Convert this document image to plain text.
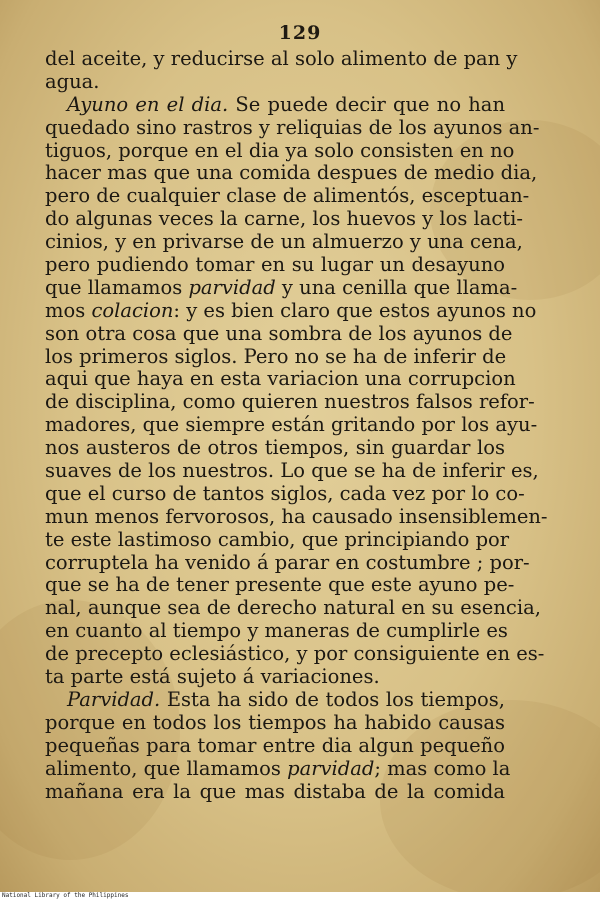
129
del aceite, y reducirse al solo alimento de pan y
agua.
Ayuno en el dia. Se puede decir que no han
quedado sino rastros y reliquias de los ayunos an-
tiguos, porque en el dia ya solo consisten en no
hacer mas que una comida despues de medio dia,
pero de cualquier clase de alimentós, esceptuan-
do algunas veces la carne, los huevos y los lacti-
cinios, y en privarse de un almuerzo y una cena,
pero pudiendo tomar en su lugar un desayuno
que llamamos parvidad y una cenilla que llama-
mos colacion: y es bien claro que estos ayunos no
son otra cosa que una sombra de los ayunos de
los primeros siglos. Pero no se ha de inferir de
aqui que haya en esta variacion una corrupcion
de disciplina, como quieren nuestros falsos refor-
madores, que siempre están gritando por los ayu-
nos austeros de otros tiempos, sin guardar los
suaves de los nuestros. Lo que se ha de inferir es,
que el curso de tantos siglos, cada vez por lo co-
mun menos fervorosos, ha causado insensiblemen-
te este lastimoso cambio, que principiando por
corruptela ha venido á parar en costumbre ; por-
que se ha de tener presente que este ayuno pe-
nal, aunque sea de derecho natural en su esencia,
en cuanto al tiempo y maneras de cumplirle es
de precepto eclesiástico, y por consiguiente en es-
ta parte está sujeto á variaciones.
Parvidad. Esta ha sido de todos los tiempos,
porque en todos los tiempos ha habido causas
pequeñas para tomar entre dia algun pequeño
alimento, que llamamos parvidad; mas como la
mañana era la que mas distaba de la comida
National Library of the Philippines
